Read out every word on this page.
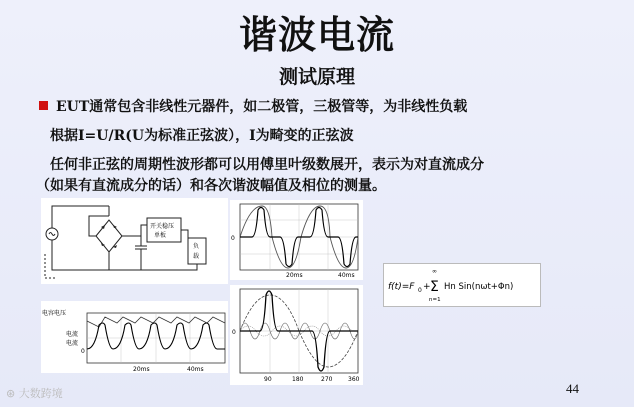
谐波电流
测试原理
EUT通常包含非线性元器件，如二极管，三极管等，为非线性负载
根据I=U/R(U为标准正弦波），I为畸变的正弦波
任何非正弦的周期性波形都可以用傅里叶级数展开，表示为对直流成分
（如果有直流成分的话）和各次谐波幅值及相位的测量。
开关稳压
单板
负
载
0
20ms	40ms
电容电压
电流
电流
0
20ms	40ms
0
90	180	270	360
f(t)=F 0 +
∞
Σ
n=1
Hn Sin(nωt+Φn)
44
⊛ 大数跨境
